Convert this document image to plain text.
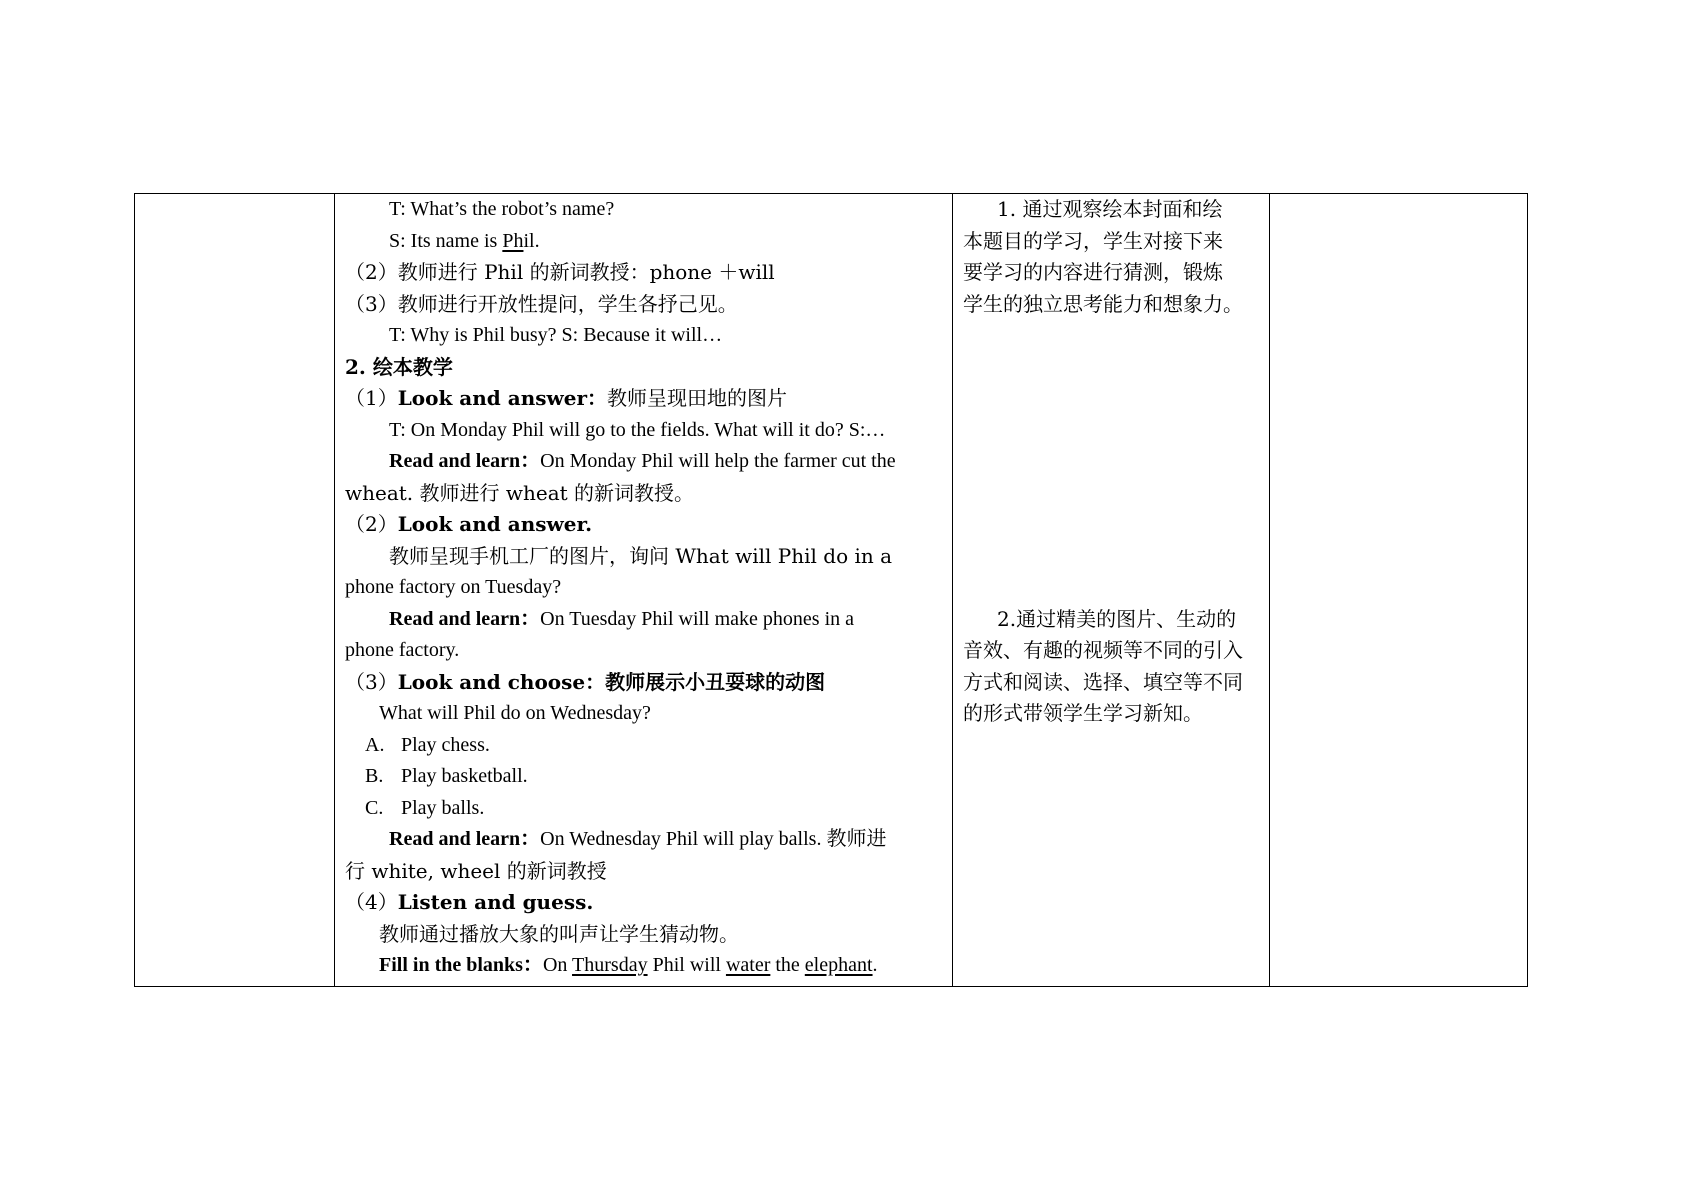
T: What’s the robot’s name?
S: Its name is Phil.
（2）教师进行 Phil 的新词教授：phone ＋will
（3）教师进行开放性提问，学生各抒己见。
T: Why is Phil busy? S: Because it will…
2. 绘本教学
（1）Look and answer：教师呈现田地的图片
T: On Monday Phil will go to the fields. What will it do? S:…
Read and learn：On Monday Phil will help the farmer cut the
wheat. 教师进行 wheat 的新词教授。
（2）Look and answer.
教师呈现手机工厂的图片，询问 What will Phil do in a
phone factory on Tuesday?
Read and learn：On Tuesday Phil will make phones in a
phone factory.
（3）Look and choose：教师展示小丑耍球的动图
What will Phil do on Wednesday?
A. Play chess.
B. Play basketball.
C. Play balls.
Read and learn：On Wednesday Phil will play balls. 教师进
行 white, wheel 的新词教授
（4）Listen and guess.
教师通过播放大象的叫声让学生猜动物。
Fill in the blanks：On Thursday Phil will water the elephant.
1. 通过观察绘本封面和绘
本题目的学习，学生对接下来
要学习的内容进行猜测，锻炼
学生的独立思考能力和想象力。
2.通过精美的图片、生动的
音效、有趣的视频等不同的引入
方式和阅读、选择、填空等不同
的形式带领学生学习新知。
